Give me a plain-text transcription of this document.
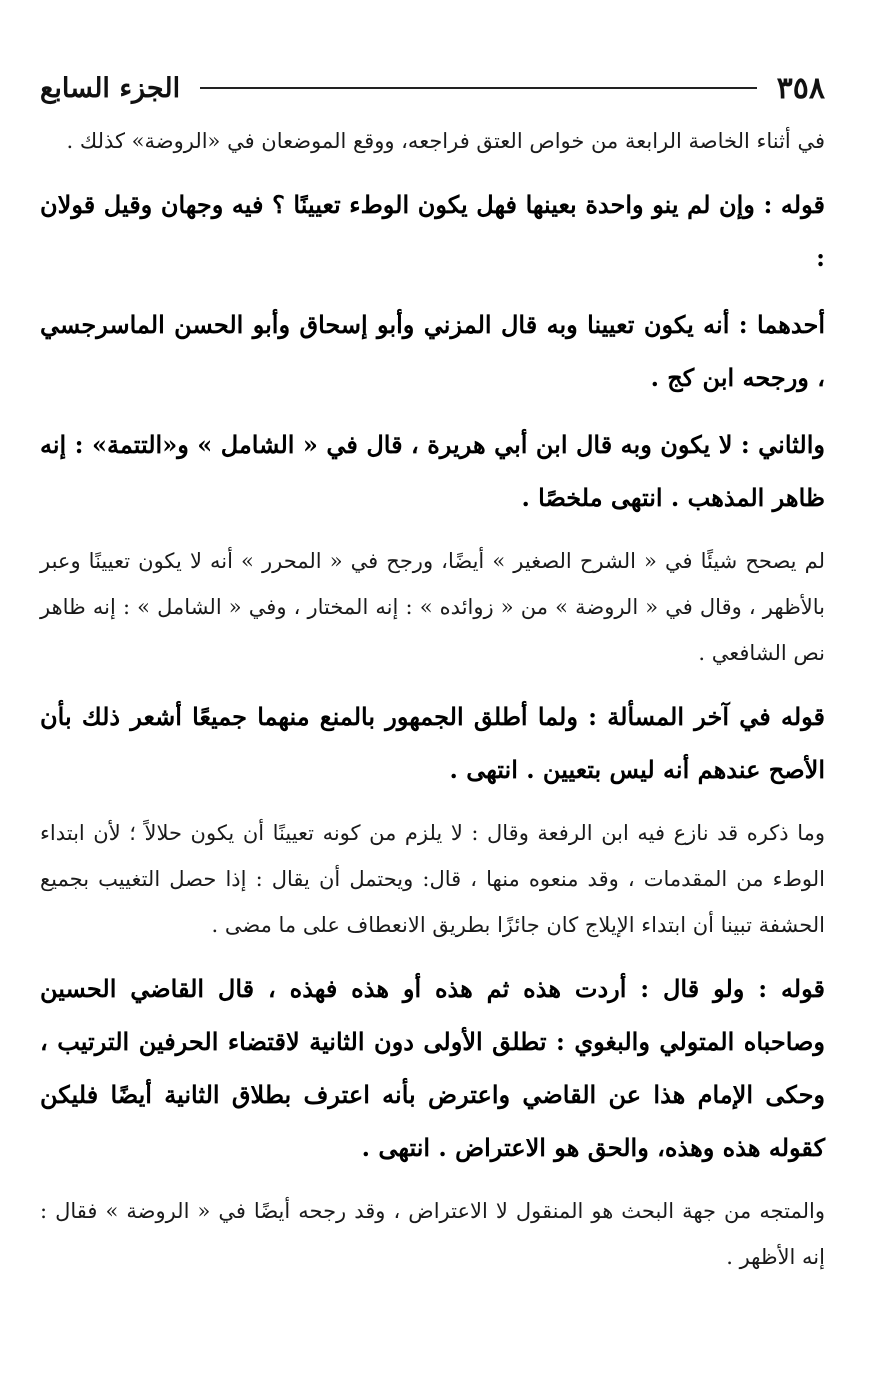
٣٥٨
الجزء السابع

في أثناء الخاصة الرابعة من خواص العتق فراجعه، ووقع الموضعان في «الروضة» كذلك .

قوله : وإن لم ينو واحدة بعينها فهل يكون الوطء تعيينًا ؟ فيه وجهان وقيل قولان :

أحدهما : أنه يكون تعيينا وبه قال المزني وأبو إسحاق وأبو الحسن الماسرجسي ، ورجحه ابن كج .

والثاني : لا يكون وبه قال ابن أبي هريرة ، قال في « الشامل » و«التتمة» : إنه ظاهر المذهب . انتهى ملخصًا .

لم يصحح شيئًا في « الشرح الصغير » أيضًا، ورجح في « المحرر » أنه لا يكون تعيينًا وعبر بالأظهر ، وقال في « الروضة » من « زوائده » : إنه المختار ، وفي « الشامل » : إنه ظاهر نص الشافعي .

قوله في آخر المسألة : ولما أطلق الجمهور بالمنع منهما جميعًا أشعر ذلك بأن الأصح عندهم أنه ليس بتعيين . انتهى .

وما ذكره قد نازع فيه ابن الرفعة وقال : لا يلزم من كونه تعيينًا أن يكون حلالاً ؛ لأن ابتداء الوطء من المقدمات ، وقد منعوه منها ، قال: ويحتمل أن يقال : إذا حصل التغييب بجميع الحشفة تبينا أن ابتداء الإيلاج كان جائزًا بطريق الانعطاف على ما مضى .

قوله : ولو قال : أردت هذه ثم هذه أو هذه فهذه ، قال القاضي الحسين وصاحباه المتولي والبغوي : تطلق الأولى دون الثانية لاقتضاء الحرفين الترتيب ، وحكى الإمام هذا عن القاضي واعترض بأنه اعترف بطلاق الثانية أيضًا فليكن كقوله هذه وهذه، والحق هو الاعتراض . انتهى .

والمتجه من جهة البحث هو المنقول لا الاعتراض ، وقد رجحه أيضًا في « الروضة » فقال : إنه الأظهر .
